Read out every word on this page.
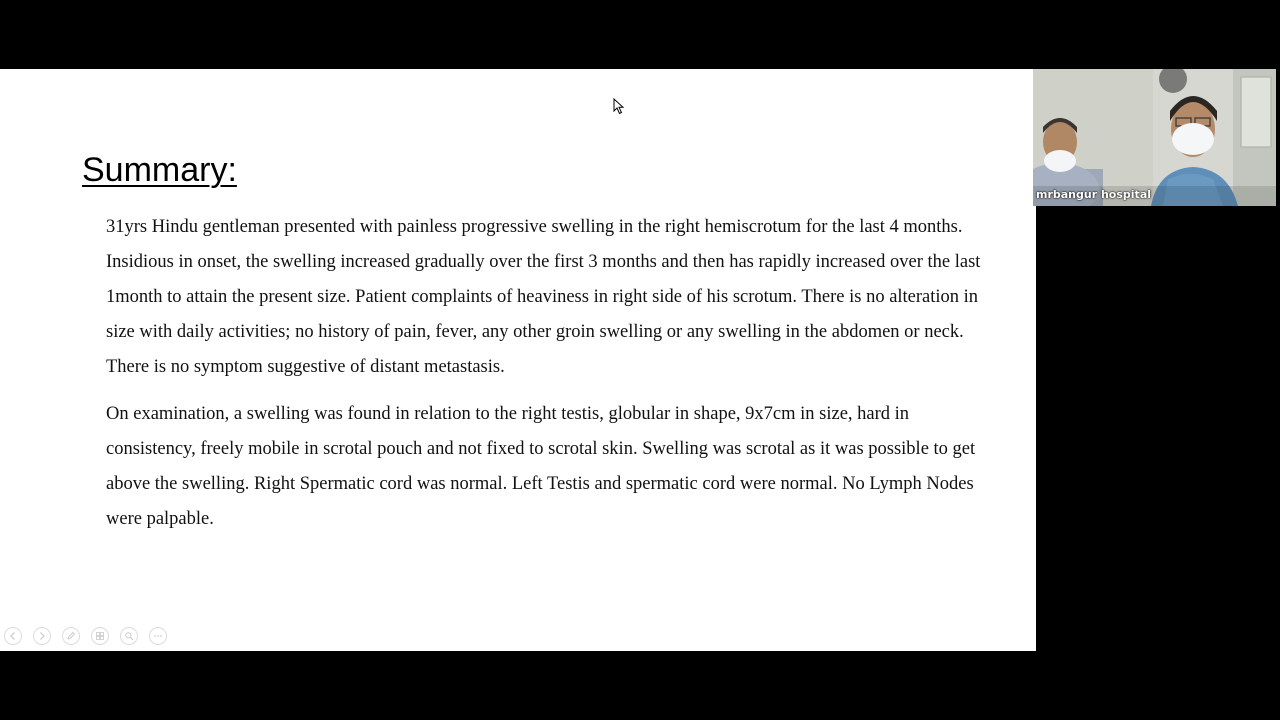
Summary:

31yrs Hindu gentleman presented with painless progressive swelling in the right hemiscrotum for the last 4 months. Insidious in onset, the swelling increased gradually over the first 3 months and then has rapidly increased over the last 1month to attain the present size. Patient complaints of heaviness in right side of his scrotum. There is no alteration in size with daily activities; no history of pain, fever, any other groin swelling or any swelling in the abdomen or neck. There is no symptom suggestive of distant metastasis.

On examination, a swelling was found in relation to the right testis, globular in shape, 9x7cm in size, hard in consistency, freely mobile in scrotal pouch and not fixed to scrotal skin. Swelling was scrotal as it was possible to get above the swelling. Right Spermatic cord was normal. Left Testis and spermatic cord were normal. No Lymph Nodes were palpable.

mrbangur hospital
